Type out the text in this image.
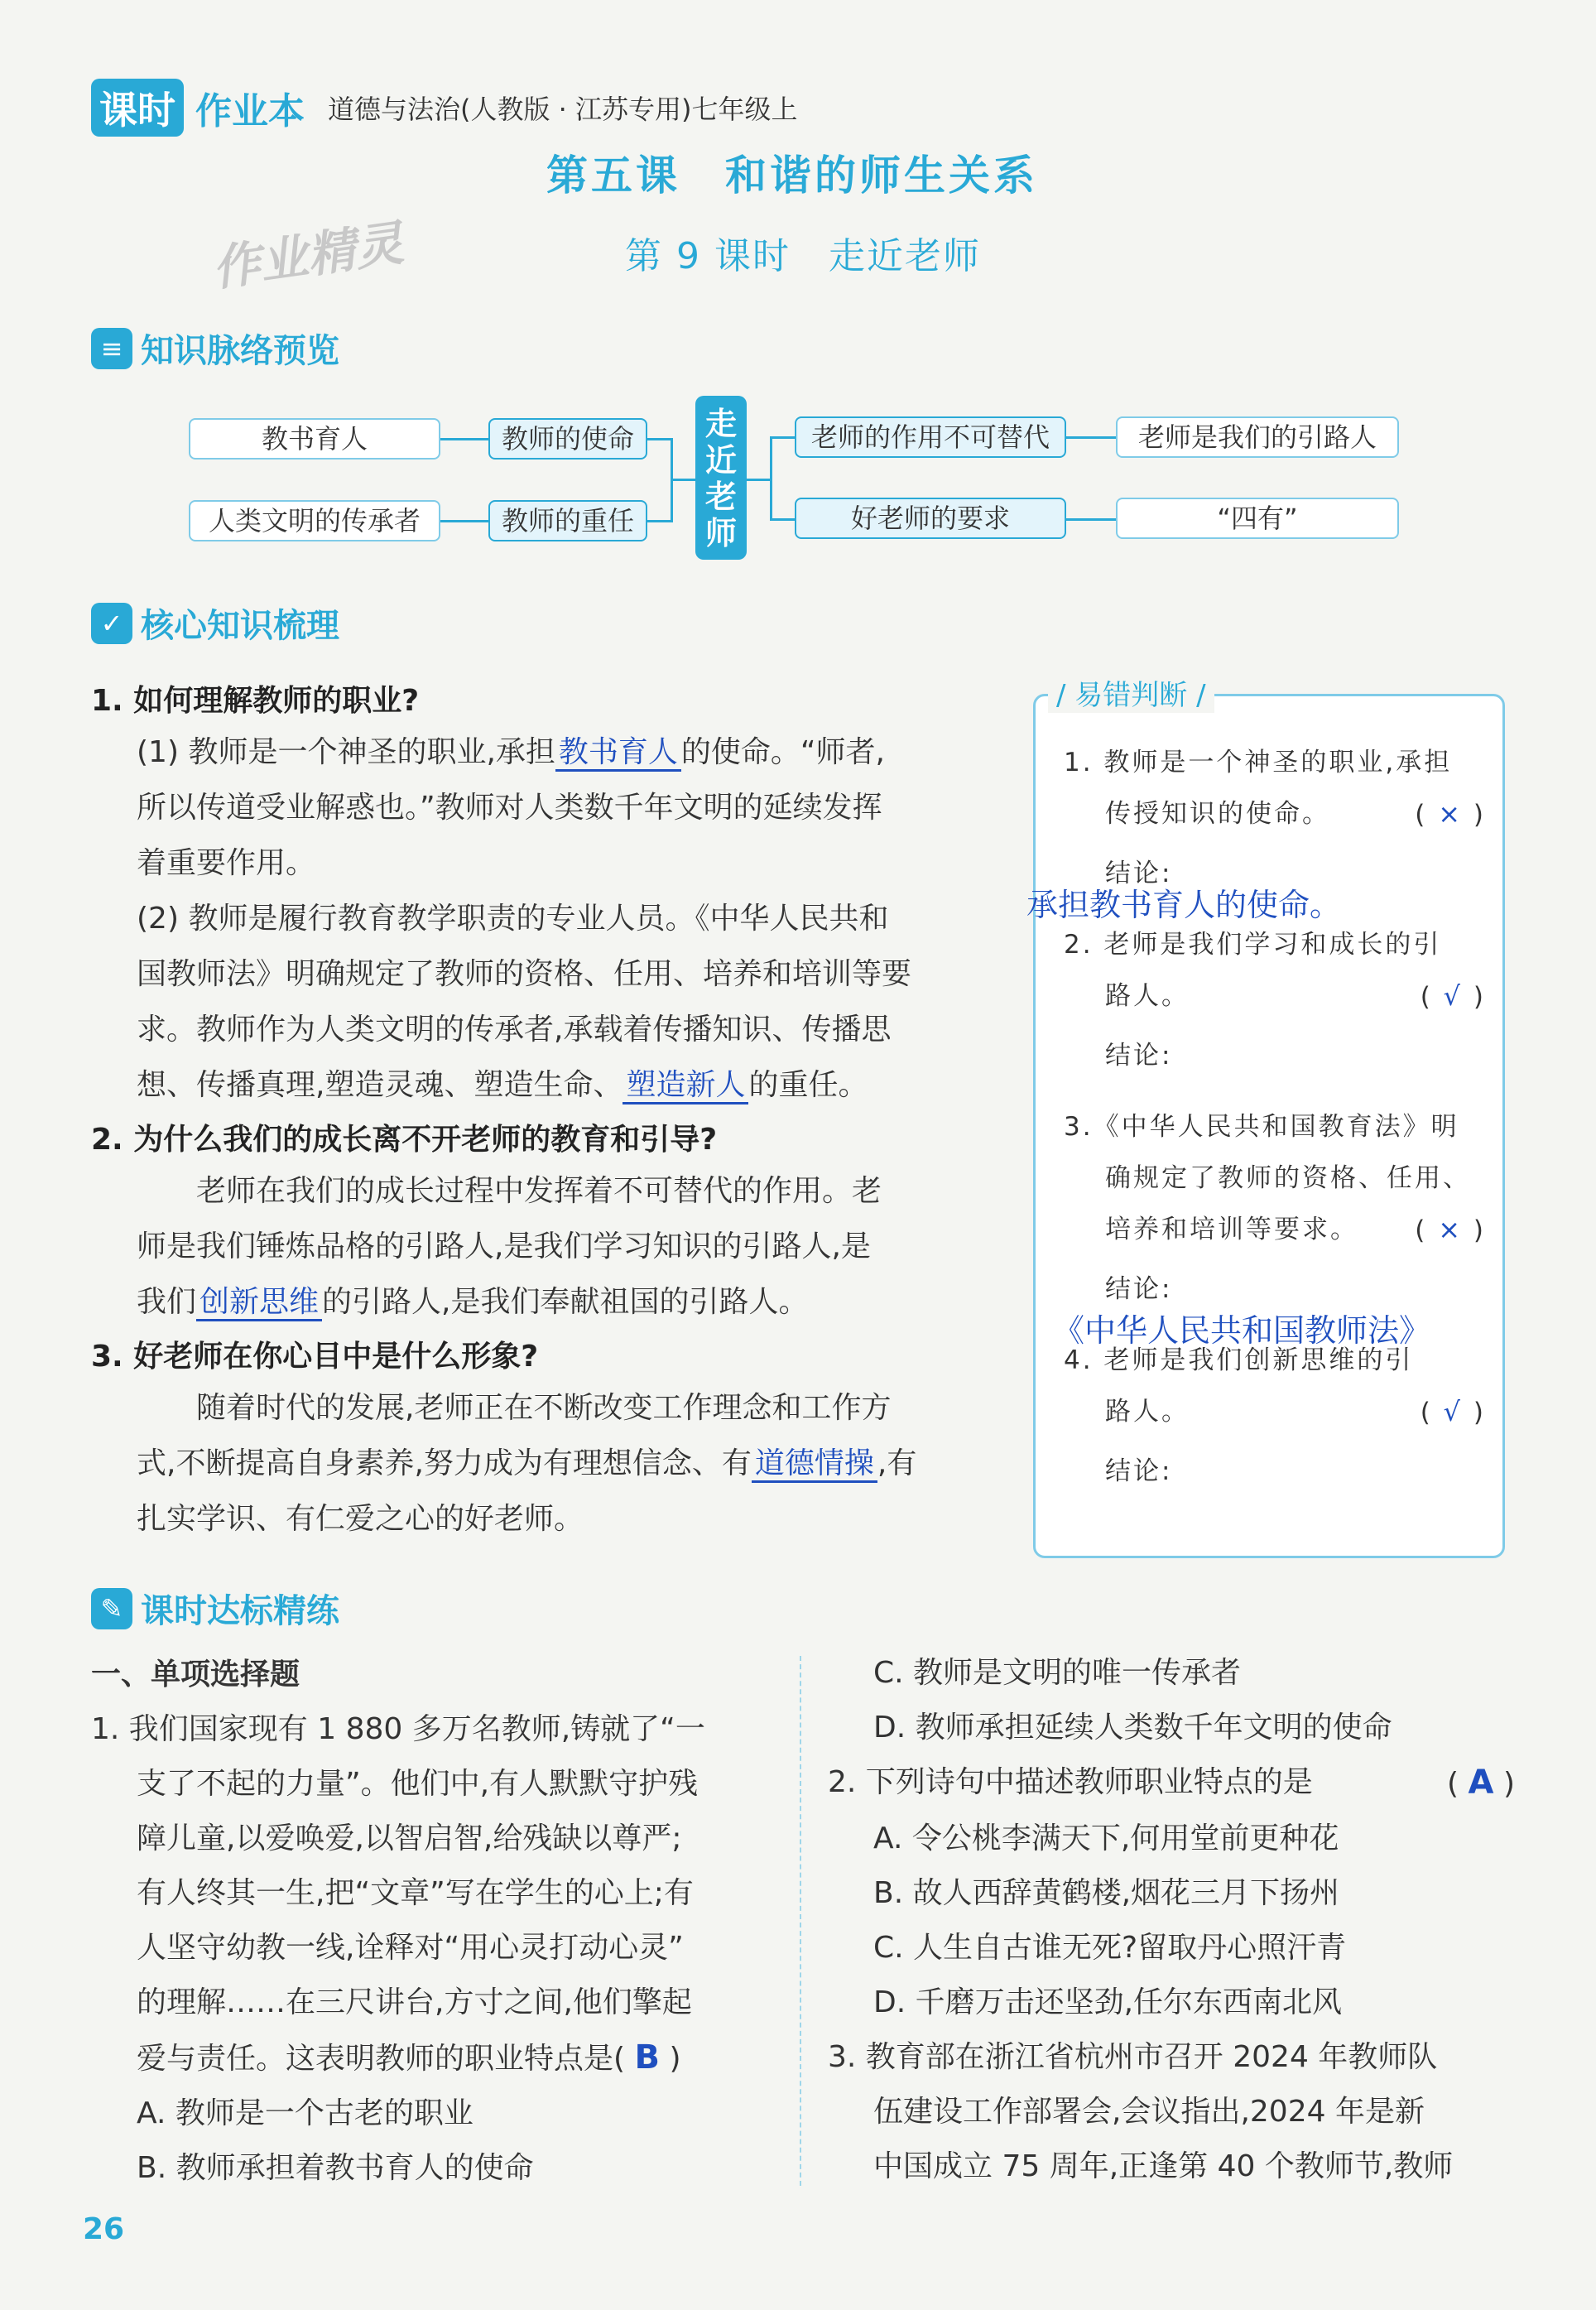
课时 作业本 道德与法治(人教版 · 江苏专用)七年级上
第五课　和谐的师生关系
作业精灵	第 9 课时　走近老师
≡ 知识脉络预览
教书育人	教师的使命
人类文明的传承者	教师的重任
走近老师
老师的作用不可替代	老师是我们的引路人
好老师的要求	“四有”
✓ 核心知识梳理
1. 如何理解教师的职业?
(1) 教师是一个神圣的职业,承担 教书育人 的使命。“师者,
所以传道受业解惑也。”教师对人类数千年文明的延续发挥
着重要作用。
(2) 教师是履行教育教学职责的专业人员。《中华人民共和
国教师法》明确规定了教师的资格、任用、培养和培训等要
求。教师作为人类文明的传承者,承载着传播知识、传播思
想、传播真理,塑造灵魂、塑造生命、 塑造新人 的重任。
2. 为什么我们的成长离不开老师的教育和引导?
老师在我们的成长过程中发挥着不可替代的作用。老
师是我们锤炼品格的引路人,是我们学习知识的引路人,是
我们 创新思维 的引路人,是我们奉献祖国的引路人。
3. 好老师在你心目中是什么形象?
随着时代的发展,老师正在不断改变工作理念和工作方
式,不断提高自身素养,努力成为有理想信念、有 道德情操 ,有
扎实学识、有仁爱之心的好老师。
/ 易错判断 /
1. 教师是一个神圣的职业,承担
传授知识的使命。	( × )
结论:
承担教书育人的使命。
2. 老师是我们学习和成长的引
路人。	( √ )
结论:
3.《中华人民共和国教育法》明
确规定了教师的资格、任用、
培养和培训等要求。 ( × )
结论:
《中华人民共和国教师法》
4. 老师是我们创新思维的引
路人。	( √ )
结论:
✎ 课时达标精练
一、单项选择题
1. 我们国家现有 1 880 多万名教师,铸就了“一
支了不起的力量”。他们中,有人默默守护残
障儿童,以爱唤爱,以智启智,给残缺以尊严;
有人终其一生,把“文章”写在学生的心上;有
人坚守幼教一线,诠释对“用心灵打动心灵”
的理解……在三尺讲台,方寸之间,他们擎起
爱与责任。这表明教师的职业特点是( B )
A. 教师是一个古老的职业
B. 教师承担着教书育人的使命
C. 教师是文明的唯一传承者
D. 教师承担延续人类数千年文明的使命
2. 下列诗句中描述教师职业特点的是	( A )
A. 令公桃李满天下,何用堂前更种花
B. 故人西辞黄鹤楼,烟花三月下扬州
C. 人生自古谁无死?留取丹心照汗青
D. 千磨万击还坚劲,任尔东西南北风
3. 教育部在浙江省杭州市召开 2024 年教师队
伍建设工作部署会,会议指出,2024 年是新
中国成立 75 周年,正逢第 40 个教师节,教师
26
